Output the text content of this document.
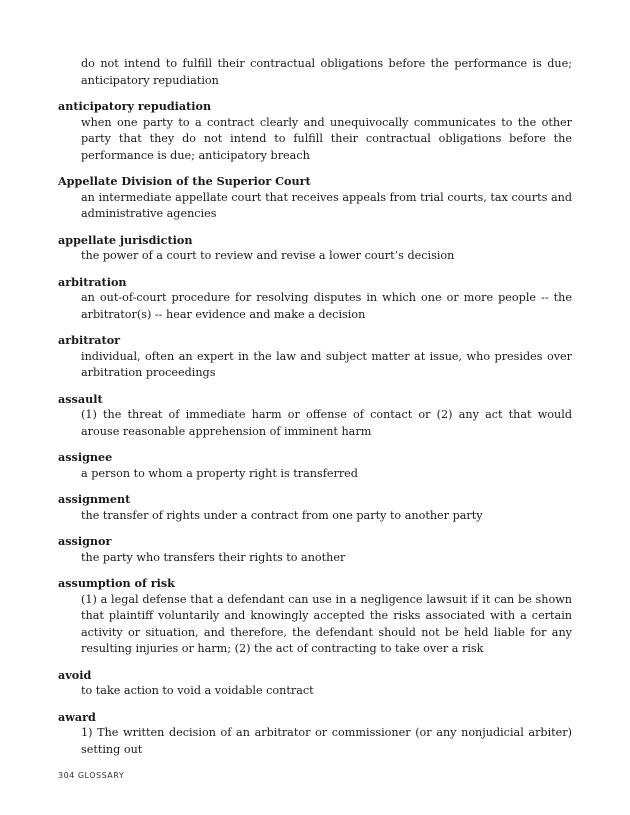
do not intend to fulfill their contractual obligations before the performance is due; anticipatory repudiation

anticipatory repudiation

when one party to a contract clearly and unequivocally communicates to the other party that they do not intend to fulfill their contractual obligations before the performance is due; anticipatory breach

Appellate Division of the Superior Court

an intermediate appellate court that receives appeals from trial courts, tax courts and administrative agencies

appellate jurisdiction

the power of a court to review and revise a lower court’s decision

arbitration

an out-of-court procedure for resolving disputes in which one or more people -- the arbitrator(s) -- hear evidence and make a decision

arbitrator

individual, often an expert in the law and subject matter at issue, who presides over arbitration proceedings

assault

(1) the threat of immediate harm or offense of contact or (2) any act that would arouse reasonable apprehension of imminent harm

assignee

a person to whom a property right is transferred

assignment

the transfer of rights under a contract from one party to another party

assignor

the party who transfers their rights to another

assumption of risk

(1) a legal defense that a defendant can use in a negligence lawsuit if it can be shown that plaintiff voluntarily and knowingly accepted the risks associated with a certain activity or situation, and therefore, the defendant should not be held liable for any resulting injuries or harm; (2) the act of contracting to take over a risk

avoid

to take action to void a voidable contract

award

1) The written decision of an arbitrator or commissioner (or any nonjudicial arbiter) setting out

304 GLOSSARY
